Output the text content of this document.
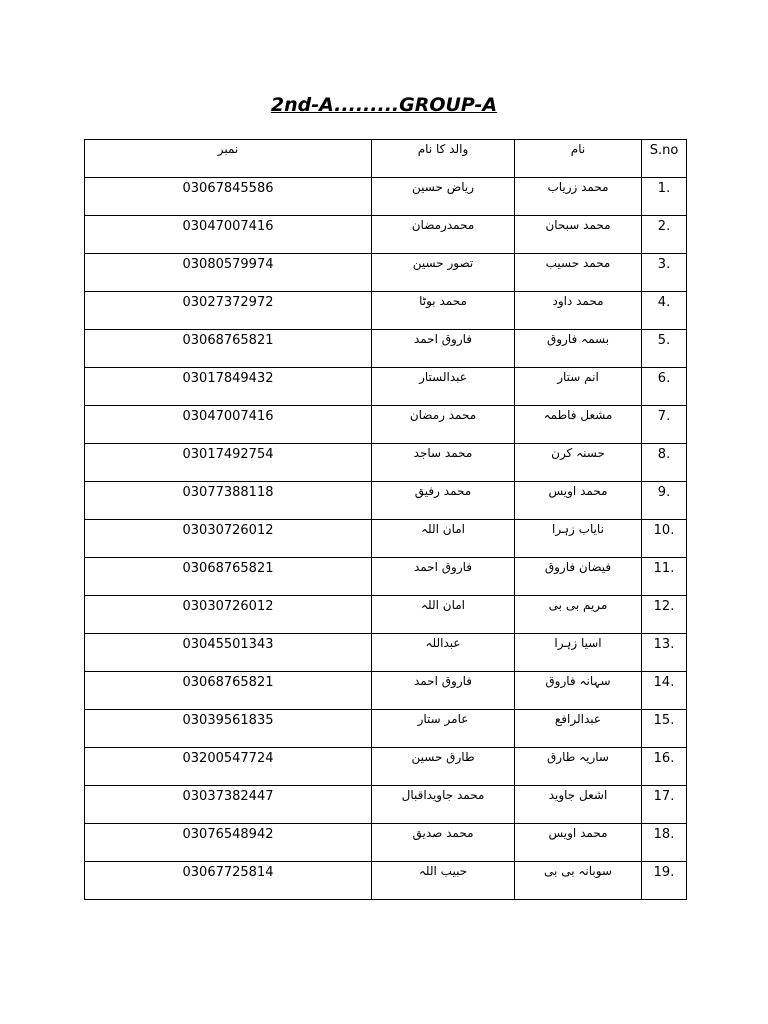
2nd-A.........GROUP-A
نمبر	والد کا نام	نام	S.no
03067845586	ریاض حسین	محمد زریاب	1.
03047007416	محمدرمضان	محمد سبحان	2.
03080579974	تصور حسین	محمد حسیب	3.
03027372972	محمد بوٹا	محمد داود	4.
03068765821	فاروق احمد	بسمہ فاروق	5.
03017849432	عبدالستار	انم ستار	6.
03047007416	محمد رمضان	مشعل فاطمہ	7.
03017492754	محمد ساجد	حسنہ کرن	8.
03077388118	محمد رفیق	محمد اویس	9.
03030726012	امان اللہ	نایاب زہرا	10.
03068765821	فاروق احمد	فیضان فاروق	11.
03030726012	امان اللہ	مریم بی بی	12.
03045501343	عبداللہ	اسیا زہرا	13.
03068765821	فاروق احمد	سہانہ فاروق	14.
03039561835	عامر ستار	عبدالرافع	15.
03200547724	طارق حسین	ساریہ طارق	16.
03037382447	محمد جاویداقبال	اشعل جاوید	17.
03076548942	محمد صدیق	محمد اویس	18.
03067725814	حبیب اللہ	سوبانہ بی بی	19.
